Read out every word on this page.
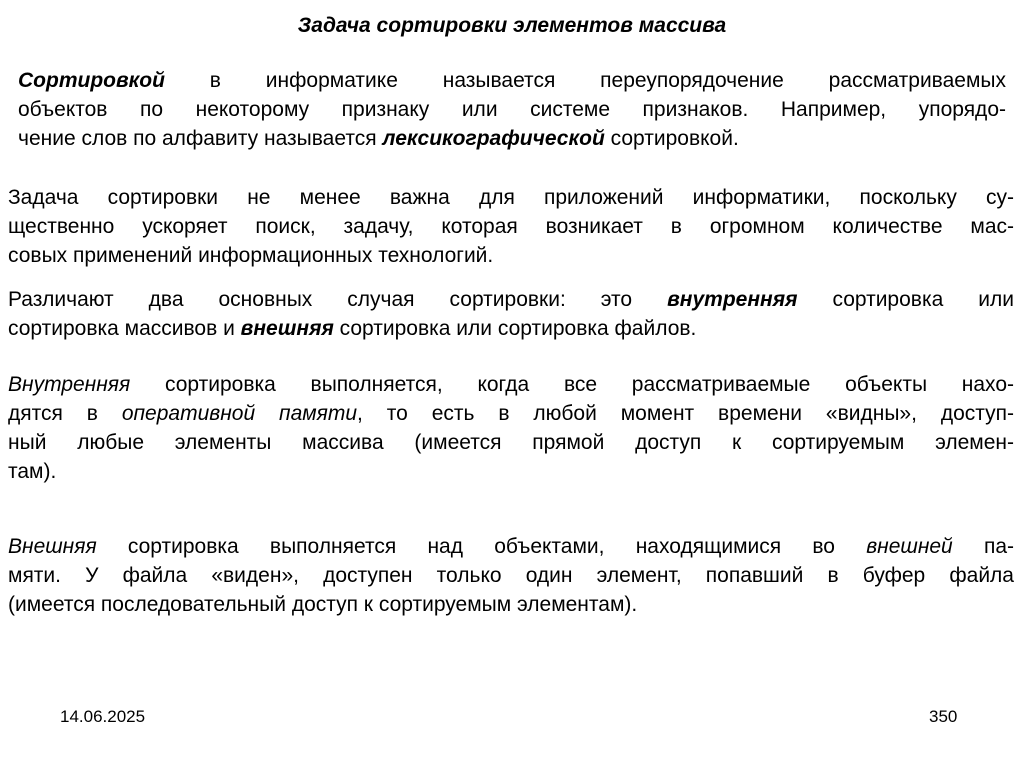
Задача сортировки элементов массива
Сортировкой в информатике называется переупорядочение рассматриваемых
объектов по некоторому признаку или системе признаков. Например, упорядо-
чение слов по алфавиту называется лексикографической сортировкой.
Задача сортировки не менее важна для приложений информатики, поскольку су-
щественно ускоряет поиск, задачу, которая возникает в огромном количестве мас-
совых применений информационных технологий.
Различают два основных случая сортировки: это внутренняя сортировка или
сортировка массивов и внешняя сортировка или сортировка файлов.
Внутренняя сортировка выполняется, когда все рассматриваемые объекты нахо-
дятся в оперативной памяти, то есть в любой момент времени «видны», доступ-
ный любые элементы массива (имеется прямой доступ к сортируемым элемен-
там).
Внешняя сортировка выполняется над объектами, находящимися во внешней па-
мяти. У файла «виден», доступен только один элемент, попавший в буфер файла
(имеется последовательный доступ к сортируемым элементам).
14.06.2025	350
